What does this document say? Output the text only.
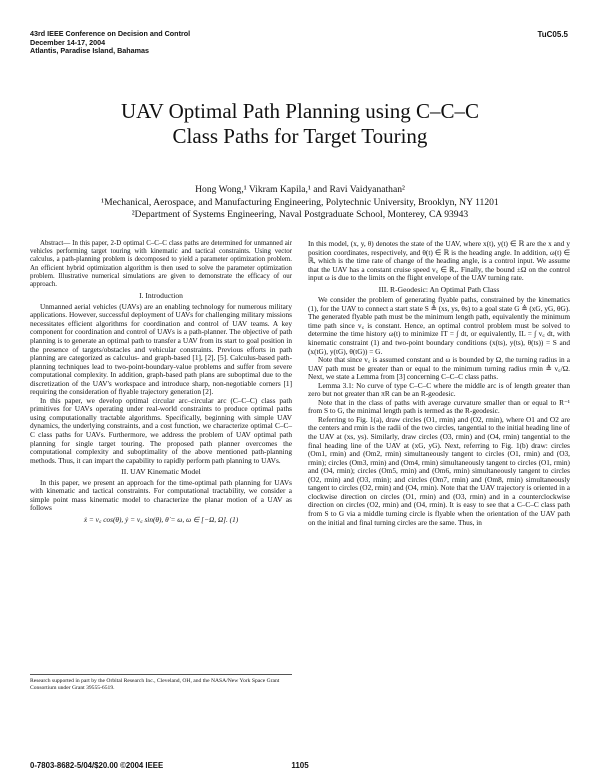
43rd IEEE Conference on Decision and Control
December 14-17, 2004
Atlantis, Paradise Island, Bahamas
TuC05.5
UAV Optimal Path Planning using C–C–C
Class Paths for Target Touring
Hong Wong,¹ Vikram Kapila,¹ and Ravi Vaidyanathan²
¹Mechanical, Aerospace, and Manufacturing Engineering, Polytechnic University, Brooklyn, NY 11201
²Department of Systems Engineering, Naval Postgraduate School, Monterey, CA 93943

Abstract— In this paper, 2-D optimal C–C–C class paths are determined for unmanned air vehicles performing target touring with kinematic and tactical constraints. Using vector calculus, a path-planning problem is decomposed to yield a parameter optimization problem. An efficient hybrid optimization algorithm is then used to solve the parameter optimization problem. Illustrative numerical simulations are given to demonstrate the efficacy of our approach.

I. Introduction

Unmanned aerial vehicles (UAVs) are an enabling technology for numerous military applications. However, successful deployment of UAVs for challenging military missions necessitates efficient algorithms for coordination and control of UAV teams. A key component for coordination and control of UAVs is a path-planner. The objective of path planning is to generate an optimal path to transfer a UAV from its start to goal position in the presence of targets/obstacles and vehicular constraints. Previous efforts in path planning are categorized as calculus- and graph-based [1], [2], [5]. Calculus-based path-planning techniques lead to two-point-boundary-value problems and suffer from severe computational complexity. In addition, graph-based path plans are suboptimal due to the discretization of the UAV's workspace and introduce sharp, non-negotiable corners [1] requiring the consideration of flyable trajectory generation [2].

In this paper, we develop optimal circular arc–circular arc (C–C–C) class path primitives for UAVs operating under real-world constraints to produce optimal paths using computationally tractable algorithms. Specifically, beginning with simple UAV dynamics, the underlying constraints, and a cost function, we characterize optimal C–C–C class paths for UAVs. Furthermore, we address the problem of UAV optimal path planning for single target touring. The proposed path planner overcomes the computational complexity and suboptimality of the above mentioned path-planning methods. Thus, it can impart the capability to rapidly perform path planning to UAVs.

II. UAV Kinematic Model

In this paper, we present an approach for the time-optimal path planning for UAVs with kinematic and tactical constraints. For computational tractability, we consider a simple point mass kinematic model to characterize the planar motion of a UAV as follows

ẋ = v꜀ cos(θ), ẏ = v꜀ sin(θ), θ̇ = ω, ω ∈ [−Ω, Ω]. (1)
Research supported in part by the Orbital Research Inc., Cleveland, OH, and the NASA/New York Space Grant Consortium under Grant 39555-6519.

In this model, (x, y, θ) denotes the state of the UAV, where x(t), y(t) ∈ ℝ are the x and y position coordinates, respectively, and θ(t) ∈ ℝ is the heading angle. In addition, ω(t) ∈ ℝ, which is the time rate of change of the heading angle, is a control input. We assume that the UAV has a constant cruise speed v꜀ ∈ ℝ₊. Finally, the bound ±Ω on the control input ω is due to the limits on the flight envelope of the UAV turning rate.

III. R-Geodesic: An Optimal Path Class

We consider the problem of generating flyable paths, constrained by the kinematics (1), for the UAV to connect a start state S ≜ (xs, ys, θs) to a goal state G ≜ (xG, yG, θG). The generated flyable path must be the minimum length path, equivalently the minimum time path since v꜀ is constant. Hence, an optimal control problem must be solved to determine the time history ω(t) to minimize IT = ∫ dt, or equivalently, IL = ∫ v꜀ dt, with kinematic constraint (1) and two-point boundary conditions (x(ts), y(ts), θ(ts)) = S and (x(tG), y(tG), θ(tG)) = G.

Note that since v꜀ is assumed constant and ω is bounded by Ω, the turning radius in a UAV path must be greater than or equal to the minimum turning radius rmin ≜ v꜀/Ω. Next, we state a Lemma from [3] concerning C–C–C class paths.

Lemma 3.1: No curve of type C–C–C where the middle arc is of length greater than zero but not greater than πR can be an R-geodesic.

Note that in the class of paths with average curvature smaller than or equal to R⁻¹ from S to G, the minimal length path is termed as the R-geodesic.

Referring to Fig. 1(a), draw circles (O1, rmin) and (O2, rmin), where O1 and O2 are the centers and rmin is the radii of the two circles, tangential to the initial heading line of the UAV at (xs, ys). Similarly, draw circles (O3, rmin) and (O4, rmin) tangential to the final heading line of the UAV at (xG, yG). Next, referring to Fig. 1(b) draw: circles (Om1, rmin) and (Om2, rmin) simultaneously tangent to circles (O1, rmin) and (O3, rmin); circles (Om3, rmin) and (Om4, rmin) simultaneously tangent to circles (O1, rmin) and (O4, rmin); circles (Om5, rmin) and (Om6, rmin) simultaneously tangent to circles (O2, rmin) and (O3, rmin); and circles (Om7, rmin) and (Om8, rmin) simultaneously tangent to circles (O2, rmin) and (O4, rmin). Note that the UAV trajectory is oriented in a clockwise direction on circles (O1, rmin) and (O3, rmin) and in a counterclockwise direction on circles (O2, rmin) and (O4, rmin). It is easy to see that a C–C–C class path from S to G via a middle turning circle is flyable when the orientation of the UAV path on the initial and final turning circles are the same. Thus, in

0-7803-8682-5/04/$20.00 ©2004 IEEE	1105
